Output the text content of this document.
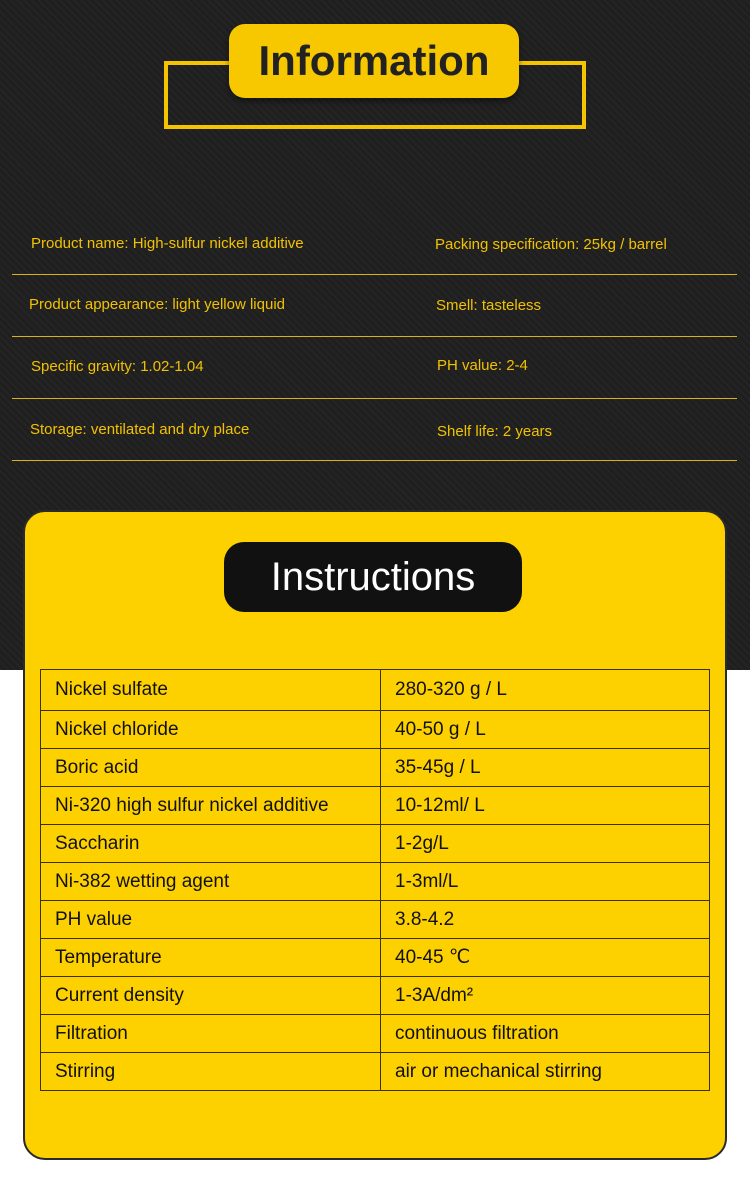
Information
Product name: High-sulfur nickel additive	Packing specification: 25kg / barrel
Product appearance: light yellow liquid	Smell: tasteless
Specific gravity: 1.02-1.04	PH value: 2-4
Storage: ventilated and dry place	Shelf life: 2 years
Instructions
Nickel sulfate	280-320 g / L
Nickel chloride	40-50 g / L
Boric acid	35-45g / L
Ni-320 high sulfur nickel additive	10-12ml/ L
Saccharin	1-2g/L
Ni-382 wetting agent	1-3ml/L
PH value	3.8-4.2
Temperature	40-45 ℃
Current density	1-3A/dm²
Filtration	continuous filtration
Stirring	air or mechanical stirring
